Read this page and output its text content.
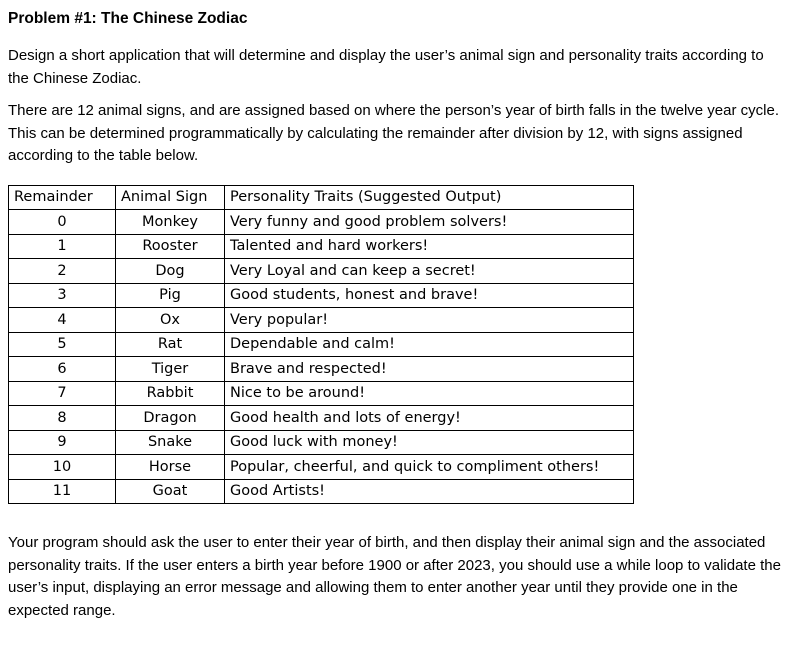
Problem #1: The Chinese Zodiac

Design a short application that will determine and display the user’s animal sign and personality traits according to the Chinese Zodiac.

There are 12 animal signs, and are assigned based on where the person’s year of birth falls in the twelve year cycle. This can be determined programmatically by calculating the remainder after division by 12, with signs assigned according to the table below.

Remainder	Animal Sign	Personality Traits (Suggested Output)
0	Monkey	Very funny and good problem solvers!
1	Rooster	Talented and hard workers!
2	Dog	Very Loyal and can keep a secret!
3	Pig	Good students, honest and brave!
4	Ox	Very popular!
5	Rat	Dependable and calm!
6	Tiger	Brave and respected!
7	Rabbit	Nice to be around!
8	Dragon	Good health and lots of energy!
9	Snake	Good luck with money!
10	Horse	Popular, cheerful, and quick to compliment others!
11	Goat	Good Artists!

Your program should ask the user to enter their year of birth, and then display their animal sign and the associated personality traits. If the user enters a birth year before 1900 or after 2023, you should use a while loop to validate the user’s input, displaying an error message and allowing them to enter another year until they provide one in the expected range.
